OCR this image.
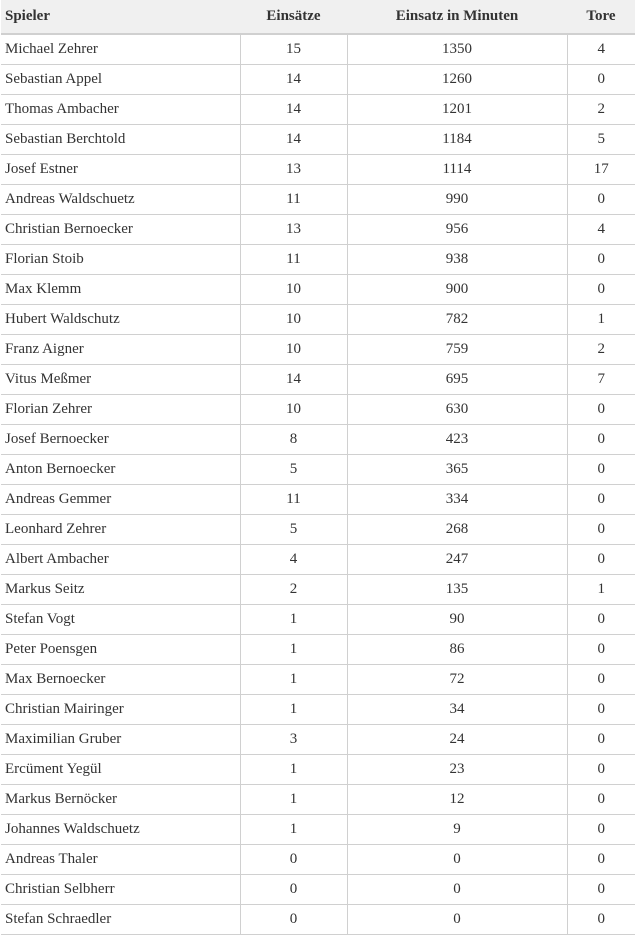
Spieler	Einsätze	Einsatz in Minuten	Tore
Michael Zehrer	15	1350	4
Sebastian Appel	14	1260	0
Thomas Ambacher	14	1201	2
Sebastian Berchtold	14	1184	5
Josef Estner	13	1114	17
Andreas Waldschuetz	11	990	0
Christian Bernoecker	13	956	4
Florian Stoib	11	938	0
Max Klemm	10	900	0
Hubert Waldschutz	10	782	1
Franz Aigner	10	759	2
Vitus Meßmer	14	695	7
Florian Zehrer	10	630	0
Josef Bernoecker	8	423	0
Anton Bernoecker	5	365	0
Andreas Gemmer	11	334	0
Leonhard Zehrer	5	268	0
Albert Ambacher	4	247	0
Markus Seitz	2	135	1
Stefan Vogt	1	90	0
Peter Poensgen	1	86	0
Max Bernoecker	1	72	0
Christian Mairinger	1	34	0
Maximilian Gruber	3	24	0
Ercüment Yegül	1	23	0
Markus Bernöcker	1	12	0
Johannes Waldschuetz	1	9	0
Andreas Thaler	0	0	0
Christian Selbherr	0	0	0
Stefan Schraedler	0	0	0
